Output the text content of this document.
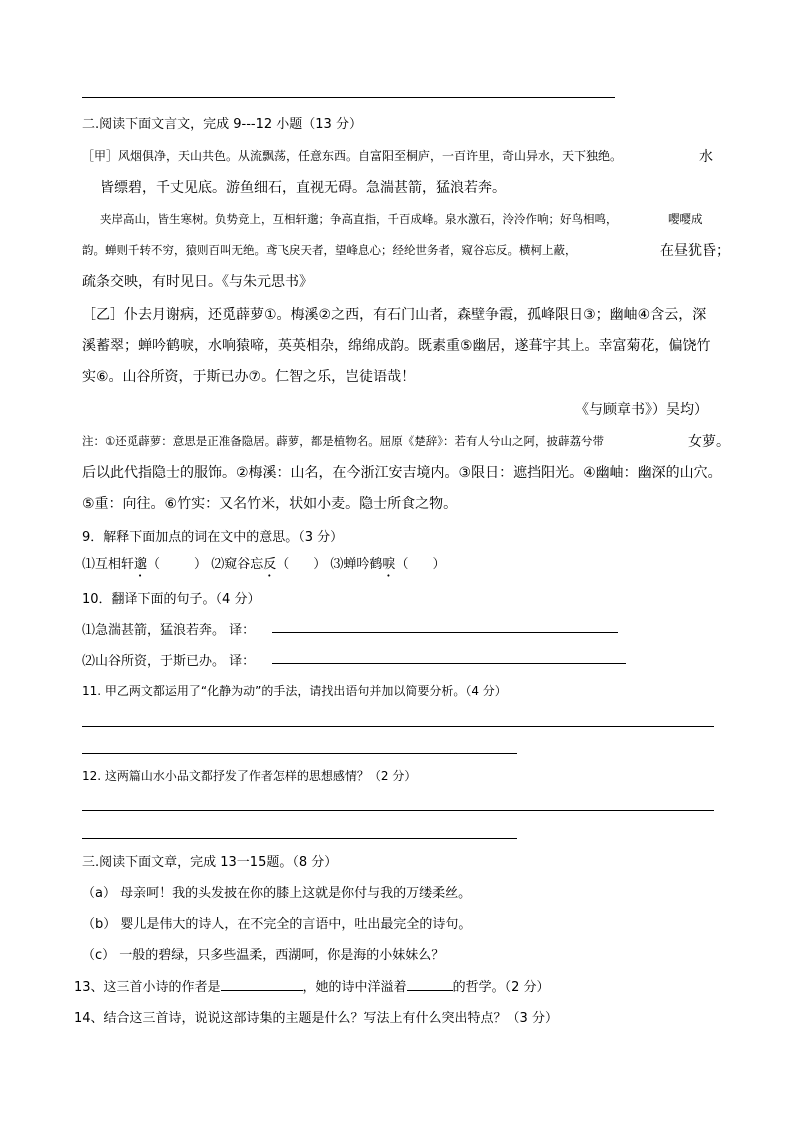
二.阅读下面文言文，完成 9---12 小题（13 分）
［甲］风烟俱净，天山共色。从流飘荡，任意东西。自富阳至桐庐，一百许里，奇山异水，天下独绝。	水
皆缥碧，千丈见底。游鱼细石，直视无碍。急湍甚箭，猛浪若奔。
夹岸高山，皆生寒树。负势竞上，互相轩邈；争高直指，千百成峰。泉水激石，泠泠作响；好鸟相鸣，	嘤嘤成
韵。蝉则千转不穷，猿则百叫无绝。鸢飞戾天者，望峰息心；经纶世务者，窥谷忘反。横柯上蔽，	在昼犹昏；
疏条交映，有时见日。《与朱元思书》
［乙］仆去月谢病，还觅薜萝①。梅溪②之西，有石门山者，森壁争霞，孤峰限日③；幽岫④含云，深
溪蓄翠；蝉吟鹤唳，水响猿啼，英英相杂，绵绵成韵。既素重⑤幽居，遂葺宇其上。幸富菊花，偏饶竹
实⑥。山谷所资，于斯已办⑦。仁智之乐，岂徒语哉！
《与顾章书》）吴均）
注：①还觅薜萝：意思是正准备隐居。薜萝，都是植物名。屈原《楚辞》：若有人兮山之阿，披薜荔兮带	女萝。
后以此代指隐士的服饰。②梅溪：山名，在今浙江安吉境内。③限日：遮挡阳光。④幽岫：幽深的山穴。
⑤重：向往。⑥竹实：又名竹米，状如小麦。隐士所食之物。
9．解释下面加点的词在文中的意思。（3 分）
⑴互相轩邈（	） ⑵窥谷忘反（ ） ⑶蝉吟鹤唳（ ）
10．翻译下面的句子。（4 分）
⑴急湍甚箭，猛浪若奔。 译：
⑵山谷所资，于斯已办。 译：
11. 甲乙两文都运用了“化静为动”的手法，请找出语句并加以简要分析。（4 分）
12. 这两篇山水小品文都抒发了作者怎样的思想感情？（2 分）
三.阅读下面文章，完成 13一15题。（8 分）
（a） 母亲呵！我的头发披在你的膝上这就是你付与我的万缕柔丝。
（b） 婴儿是伟大的诗人，在不完全的言语中，吐出最完全的诗句。
（c） 一般的碧绿，只多些温柔，西湖呵，你是海的小妹妹么？
13、这三首小诗的作者是	，她的诗中洋溢着	的哲学。（2 分）
14、结合这三首诗，说说这部诗集的主题是什么？写法上有什么突出特点？（3 分）
